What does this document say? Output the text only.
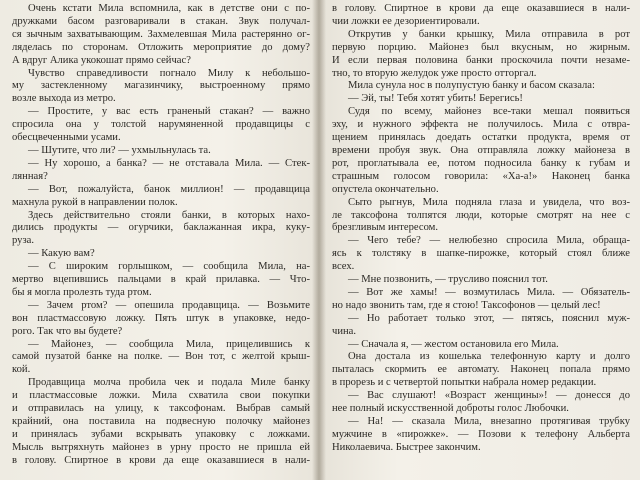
Очень кстати Мила вспомнила, как в детстве они с по-
дружками басом разговаривали в стакан. Звук получал-
ся зычным захватывающим. Захмелевшая Мила растерянно ог-
ляделась по сторонам. Отложить мероприятие до дому?
А вдруг Алика укокошат прямо сейчас?
Чувство справедливости погнало Милу к небольшо-
му застекленному магазинчику, выстроенному прямо
возле выхода из метро.
— Простите, у вас есть граненый стакан? — важно
спросила она у толстой нарумяненной продавщицы с
обесцвеченными усами.
— Шутите, что ли? — ухмыльнулась та.
— Ну хорошо, а банка? — не отставала Мила. — Стек-
лянная?
— Вот, пожалуйста, банок миллион! — продавщица
махнула рукой в направлении полок.
Здесь действительно стояли банки, в которых нахо-
дились продукты — огурчики, баклажанная икра, куку-
руза.
— Какую вам?
— С широким горлышком, — сообщила Мила, на-
мертво вцепившись пальцами в край прилавка. — Что-
бы я могла пролезть туда ртом.
— Зачем ртом? — опешила продавщица. — Возьмите
вон пластмассовую ложку. Пять штук в упаковке, недо-
рого. Так что вы будете?
— Майонез, — сообщила Мила, прицелившись к
самой пузатой банке на полке. — Вон тот, с желтой крыш-
кой.
Продавщица молча пробила чек и подала Миле банку
и пластмассовые ложки. Мила схватила свои покупки
и отправилась на улицу, к таксофонам. Выбрав самый
крайний, она поставила на подвесную полочку майонез
и принялась зубами вскрывать упаковку с ложками.
Мысль вытряхнуть майонез в урну просто не пришла ей
в голову. Спиртное в крови да еще оказавшиеся в нали-
в голову. Спиртное в крови да еще оказавшиеся в нали-
чии ложки ее дезориентировали.
Открутив у банки крышку, Мила отправила в рот
первую порцию. Майонез был вкусным, но жирным.
И если первая половина банки проскочила почти незаме-
тно, то вторую желудок уже просто отторгал.
Мила сунула нос в полупустую банку и басом сказала:
— Эй, ты! Тебя хотят убить! Берегись!
Судя по всему, майонез все-таки мешал появиться
эху, и нужного эффекта не получилось. Мила с отвра-
щением принялась доедать остатки продукта, время от
времени пробуя звук. Она отправляла ложку майонеза в
рот, проглатывала ее, потом подносила банку к губам и
страшным голосом говорила: «Ха-а!» Наконец банка
опустела окончательно.
Сыто рыгнув, Мила подняла глаза и увидела, что воз-
ле таксофона толпятся люди, которые смотрят на нее с
брезгливым интересом.
— Чего тебе? — нелюбезно спросила Мила, обраща-
ясь к толстяку в шапке-пирожке, который стоял ближе
всех.
— Мне позвонить, — трусливо пояснил тот.
— Вот же хамы! — возмутилась Мила. — Обязатель-
но надо звонить там, где я стою! Таксофонов — целый лес!
— Но работает только этот, — пятясь, пояснил муж-
чина.
— Сначала я, — жестом остановила его Мила.
Она достала из кошелька телефонную карту и долго
пыталась скормить ее автомату. Наконец попала прямо
в прорезь и с четвертой попытки набрала номер редакции.
— Вас слушают! «Возраст женщины»! — донесся до
нее полный искусственной доброты голос Любочки.
— На! — сказала Мила, внезапно протягивая трубку
мужчине в «пирожке». — Позови к телефону Альберта
Николаевича. Быстрее закончим.
